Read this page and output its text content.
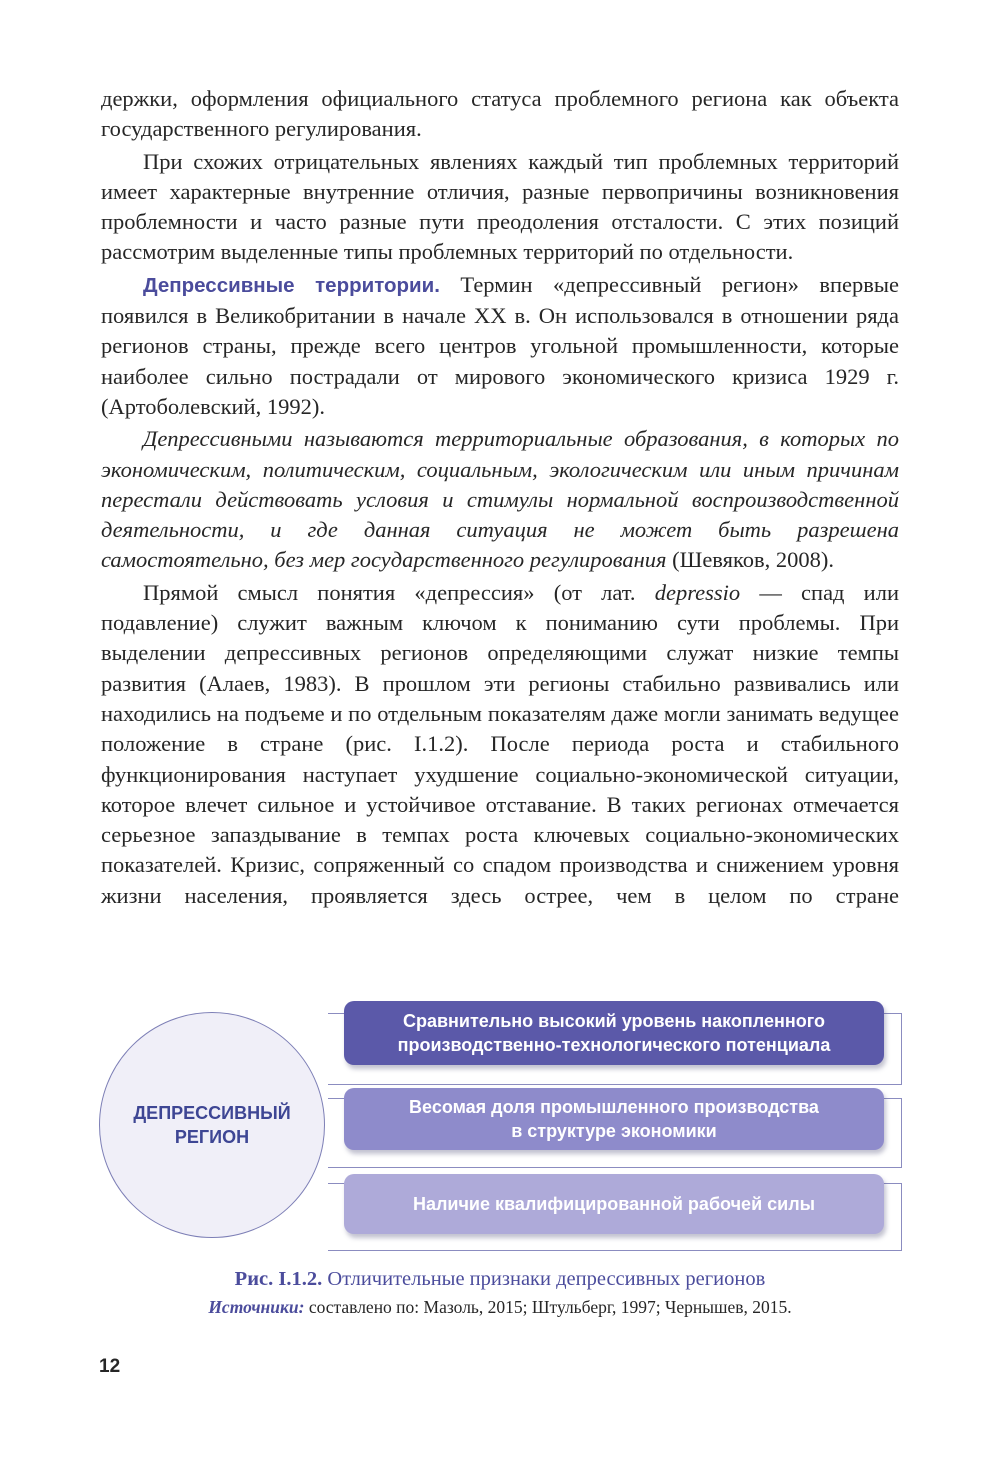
держки, оформления официального статуса проблемного региона как объекта государственного регулирования.

При схожих отрицательных явлениях каждый тип проблемных территорий имеет характерные внутренние отличия, разные первопричины возникновения проблемности и часто разные пути преодоления отсталости. С этих позиций рассмотрим выделенные типы проблемных территорий по отдельности.

Депрессивные территории. Термин «депрессивный регион» впервые появился в Великобритании в начале XX в. Он использовался в отношении ряда регионов страны, прежде всего центров угольной промышленности, которые наиболее сильно пострадали от мирового экономического кризиса 1929 г. (Артоболевский, 1992).

Депрессивными называются территориальные образования, в которых по экономическим, политическим, социальным, экологическим или иным причинам перестали действовать условия и стимулы нормальной воспроизводственной деятельности, и где данная ситуация не может быть разрешена самостоятельно, без мер государственного регулирования (Шевяков, 2008).

Прямой смысл понятия «депрессия» (от лат. depressio — спад или подавление) служит важным ключом к пониманию сути проблемы. При выделении депрессивных регионов определяющими служат низкие темпы развития (Алаев, 1983). В прошлом эти регионы стабильно развивались или находились на подъеме и по отдельным показателям даже могли занимать ведущее положение в стране (рис. I.1.2). После периода роста и стабильного функционирования наступает ухудшение социально-экономической ситуации, которое влечет сильное и устойчивое отставание. В таких регионах отмечается серьезное запаздывание в темпах роста ключевых социально-экономических показателей. Кризис, сопряженный со спадом производства и снижением уровня жизни населения, проявляется здесь острее, чем в целом по стране

ДЕПРЕССИВНЫЙ
РЕГИОН
Сравнительно высокий уровень накопленного
производственно-технологического потенциала
Весомая доля промышленного производства
в структуре экономики
Наличие квалифицированной рабочей силы
Рис. I.1.2. Отличительные признаки депрессивных регионов
Источники: составлено по: Мазоль, 2015; Штульберг, 1997; Чернышев, 2015.
12
